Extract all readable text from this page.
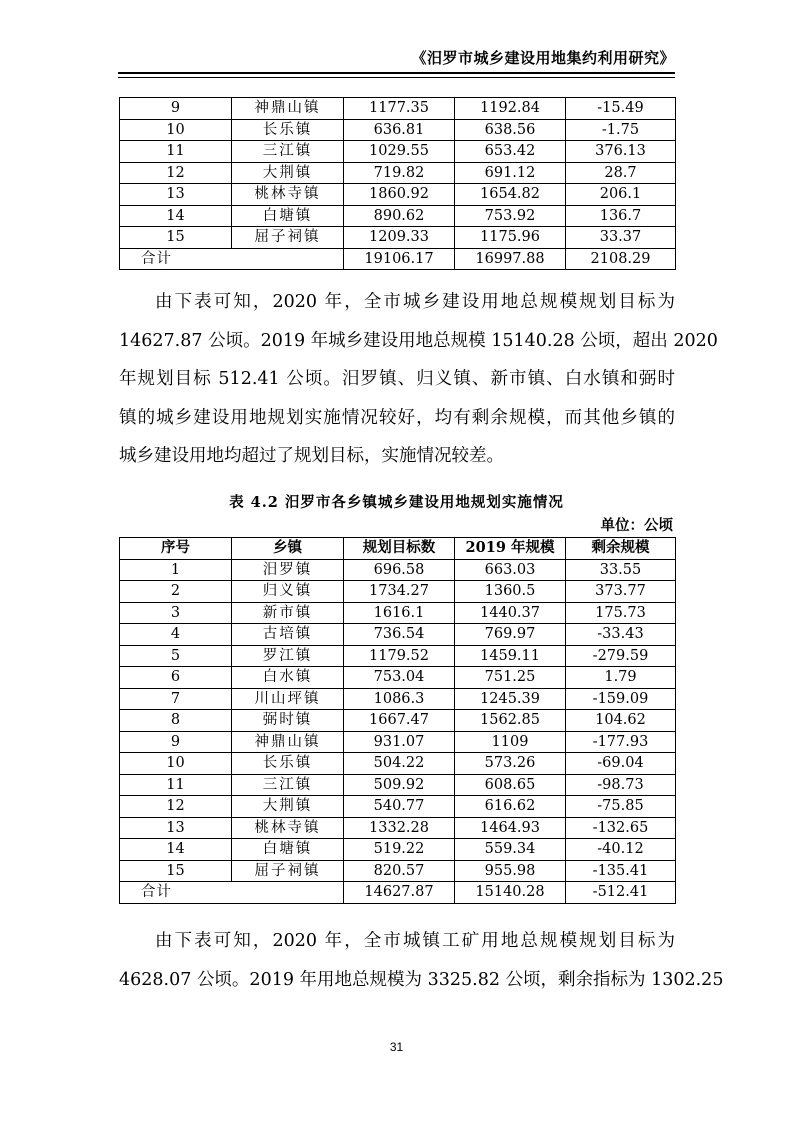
《汨罗市城乡建设用地集约利用研究》
9	神鼎山镇	1177.35	1192.84	-15.49
10	长乐镇	636.81	638.56	-1.75
11	三江镇	1029.55	653.42	376.13
12	大荆镇	719.82	691.12	28.7
13	桃林寺镇	1860.92	1654.82	206.1
14	白塘镇	890.62	753.92	136.7
15	屈子祠镇	1209.33	1175.96	33.37
合计		19106.17	16997.88	2108.29
由下表可知，2020 年，全市城乡建设用地总规模规划目标为
14627.87 公顷。2019 年城乡建设用地总规模 15140.28 公顷，超出 2020
年规划目标 512.41 公顷。汨罗镇、归义镇、新市镇、白水镇和弼时
镇的城乡建设用地规划实施情况较好，均有剩余规模，而其他乡镇的
城乡建设用地均超过了规划目标，实施情况较差。
表 4.2 汨罗市各乡镇城乡建设用地规划实施情况
单位：公顷
序号	乡镇	规划目标数	2019 年规模	剩余规模
1	汨罗镇	696.58	663.03	33.55
2	归义镇	1734.27	1360.5	373.77
3	新市镇	1616.1	1440.37	175.73
4	古培镇	736.54	769.97	-33.43
5	罗江镇	1179.52	1459.11	-279.59
6	白水镇	753.04	751.25	1.79
7	川山坪镇	1086.3	1245.39	-159.09
8	弼时镇	1667.47	1562.85	104.62
9	神鼎山镇	931.07	1109	-177.93
10	长乐镇	504.22	573.26	-69.04
11	三江镇	509.92	608.65	-98.73
12	大荆镇	540.77	616.62	-75.85
13	桃林寺镇	1332.28	1464.93	-132.65
14	白塘镇	519.22	559.34	-40.12
15	屈子祠镇	820.57	955.98	-135.41
合计		14627.87	15140.28	-512.41
由下表可知，2020 年，全市城镇工矿用地总规模规划目标为
4628.07 公顷。2019 年用地总规模为 3325.82 公顷，剩余指标为 1302.25
31
